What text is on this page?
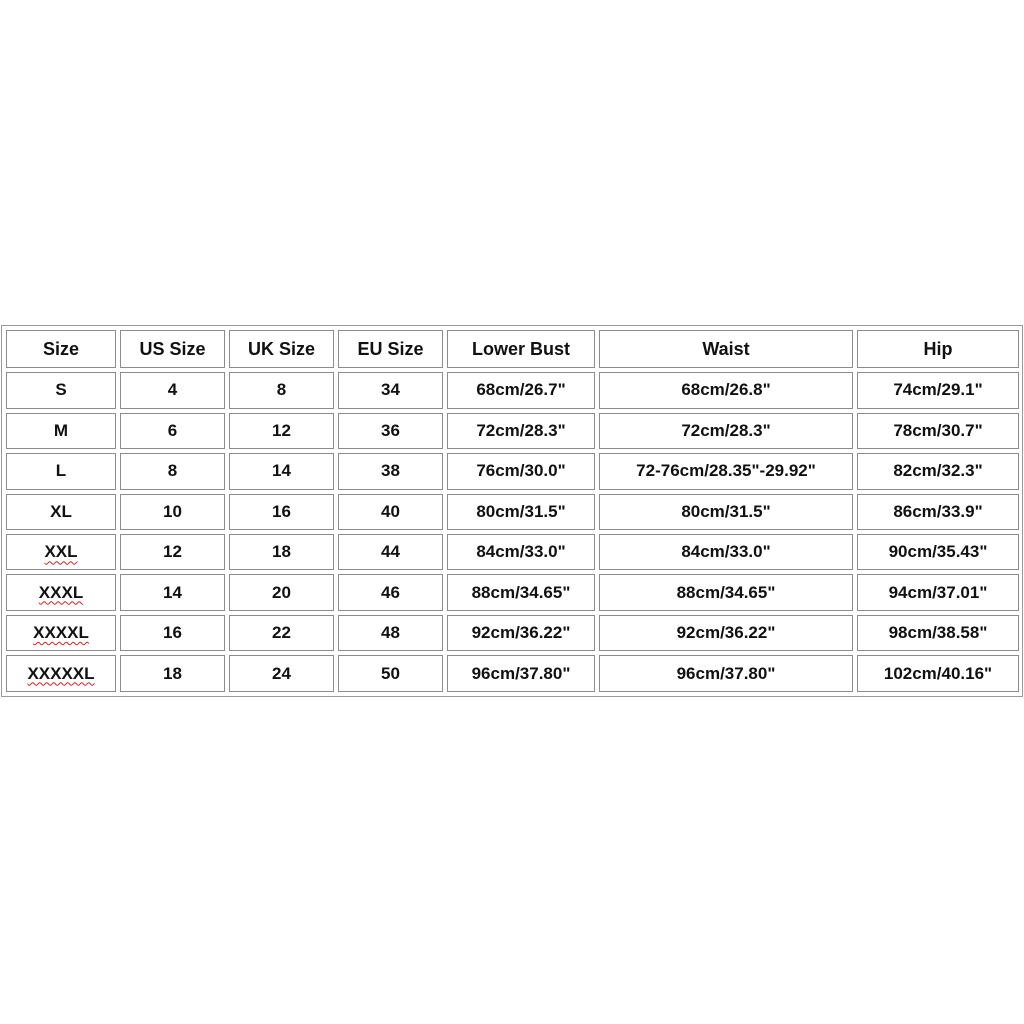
Size	US Size	UK Size	EU Size	Lower Bust	Waist	Hip
S	4	8	34	68cm/26.7"	68cm/26.8"	74cm/29.1"
M	6	12	36	72cm/28.3"	72cm/28.3"	78cm/30.7"
L	8	14	38	76cm/30.0"	72-76cm/28.35"-29.92"	82cm/32.3"
XL	10	16	40	80cm/31.5"	80cm/31.5"	86cm/33.9"
XXL	12	18	44	84cm/33.0"	84cm/33.0"	90cm/35.43"
XXXL	14	20	46	88cm/34.65"	88cm/34.65"	94cm/37.01"
XXXXL	16	22	48	92cm/36.22"	92cm/36.22"	98cm/38.58"
XXXXXL	18	24	50	96cm/37.80"	96cm/37.80"	102cm/40.16"
